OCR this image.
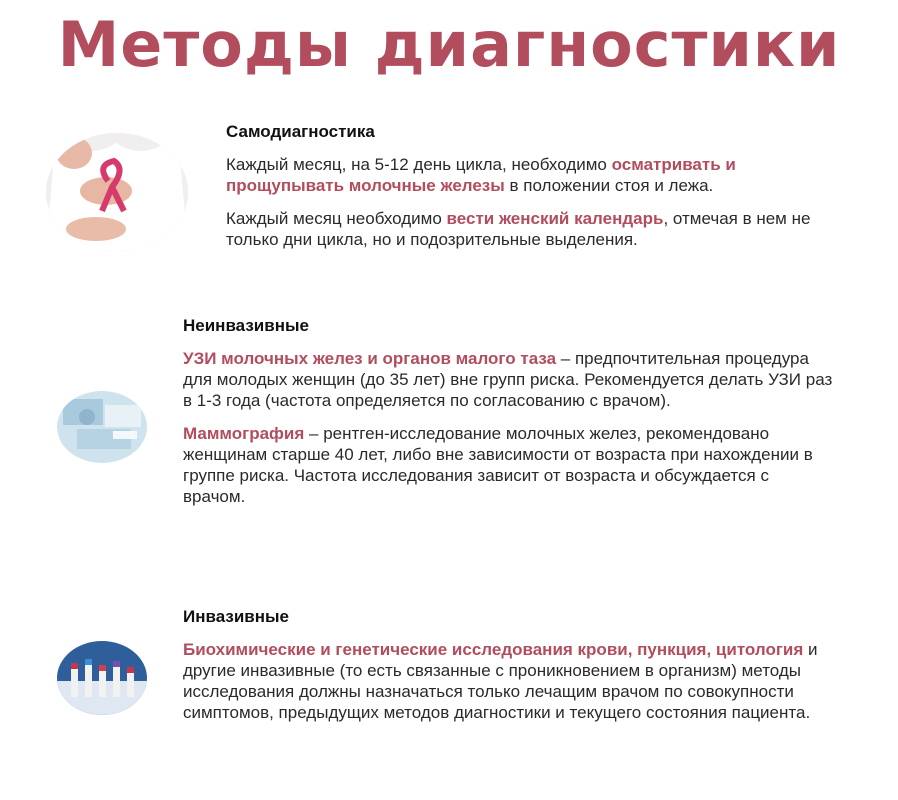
Методы диагностики
Самодиагностика

Каждый месяц, на 5-12 день цикла, необходимо осматривать и прощупывать молочные железы в положении стоя и лежа.

Каждый месяц необходимо вести женский календарь, отмечая в нем не только дни цикла, но и подозрительные выделения.

Неинвазивные

УЗИ молочных желез и органов малого таза – предпочтительная процедура для молодых женщин (до 35 лет) вне групп риска. Рекомендуется делать УЗИ раз в 1-3 года (частота определяется по согласованию с врачом).

Маммография – рентген-исследование молочных желез, рекомендовано женщинам старше 40 лет, либо вне зависимости от возраста при нахождении в группе риска. Частота исследования зависит от возраста и обсуждается с врачом.

Инвазивные

Биохимические и генетические исследования крови, пункция, цитология и другие инвазивные (то есть связанные с проникновением в организм) методы исследования должны назначаться только лечащим врачом по совокупности симптомов, предыдущих методов диагностики и текущего состояния пациента.
